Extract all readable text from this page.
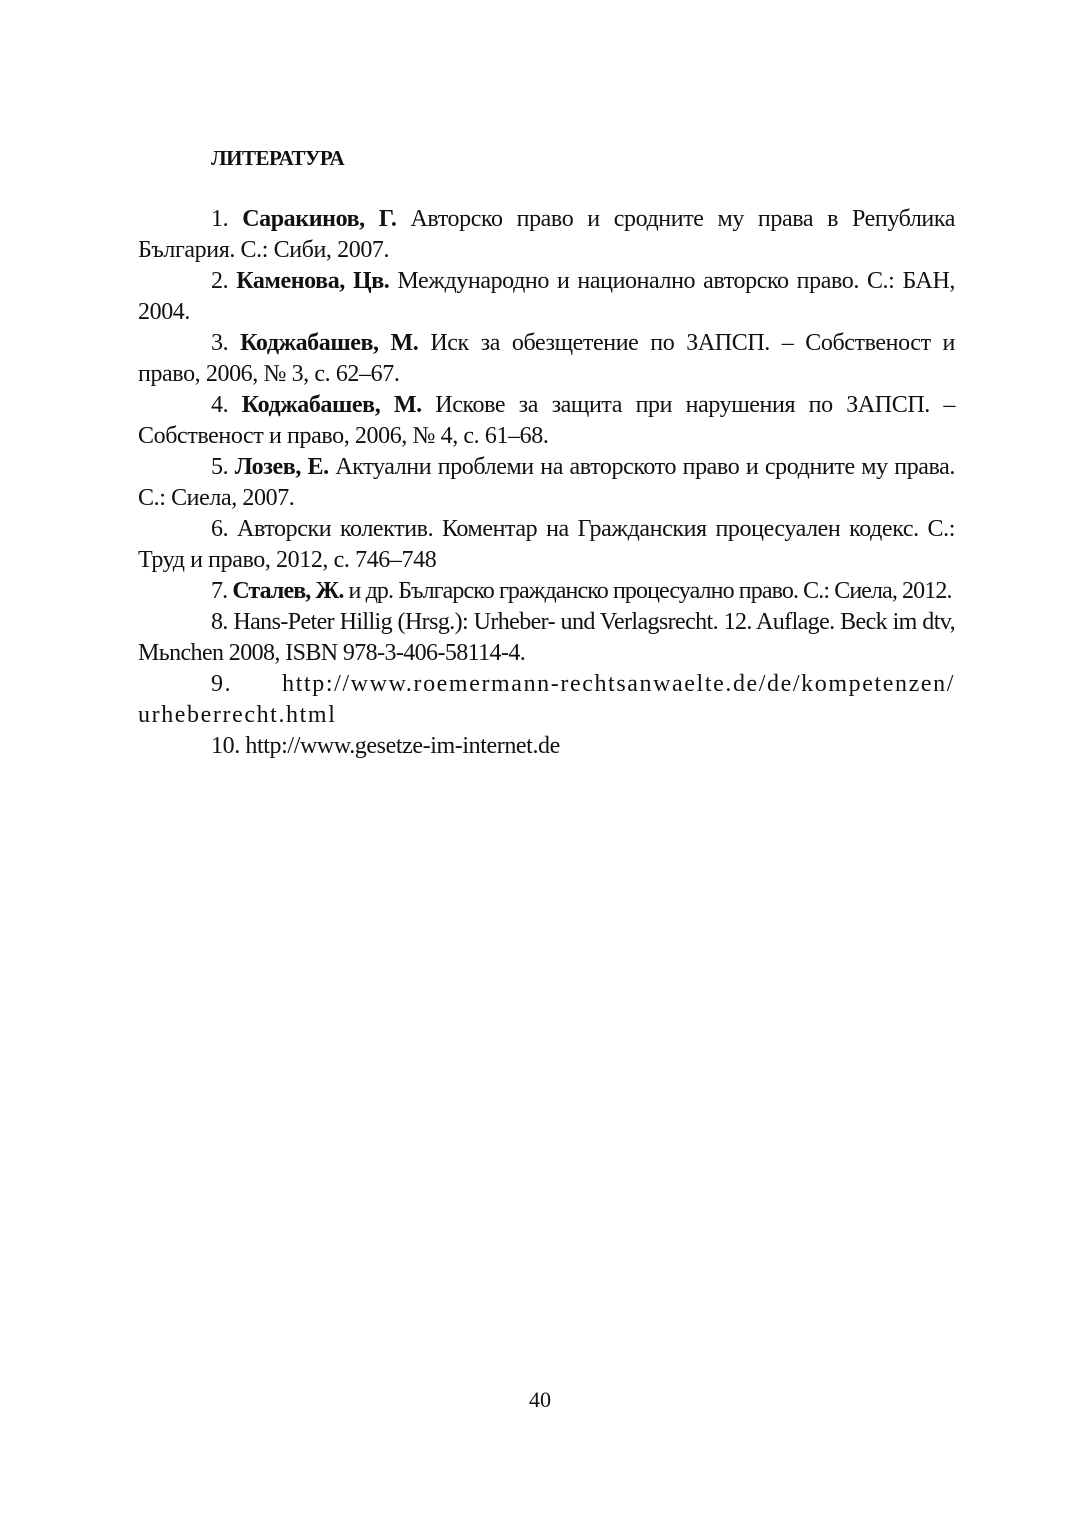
ЛИТЕРАТУРА

1. Саракинов, Г. Авторско право и сродните му права в Република България. С.: Сиби, 2007.

2. Каменова, Цв. Международно и национално авторско право. С.: БАН, 2004.

3. Коджабашев, М. Иск за обезщетение по ЗАПСП. – Собственост и право, 2006, № 3, с. 62–67.

4. Коджабашев, М. Искове за защита при нарушения по ЗАПСП. – Собственост и право, 2006, № 4, с. 61–68.

5. Лозев, Е. Актуални проблеми на авторското право и сродните му права. С.: Сиела, 2007.

6. Авторски колектив. Коментар на Гражданския процесуален кодекс. С.: Труд и право, 2012, с. 746–748

7. Сталев, Ж. и др. Българско гражданско процесуално право. С.: Сиела, 2012.

8. Hans-Peter Hillig (Hrsg.): Urheber- und Verlagsrecht. 12. Auflage. Beck im dtv, Мьnchen 2008, ISBN 978-3-406-58114-4.

9. http://www.roemermann-rechtsanwaelte.de/de/kompetenzen/ urheberrecht.html

10. http://www.gesetze-im-internet.de

40
